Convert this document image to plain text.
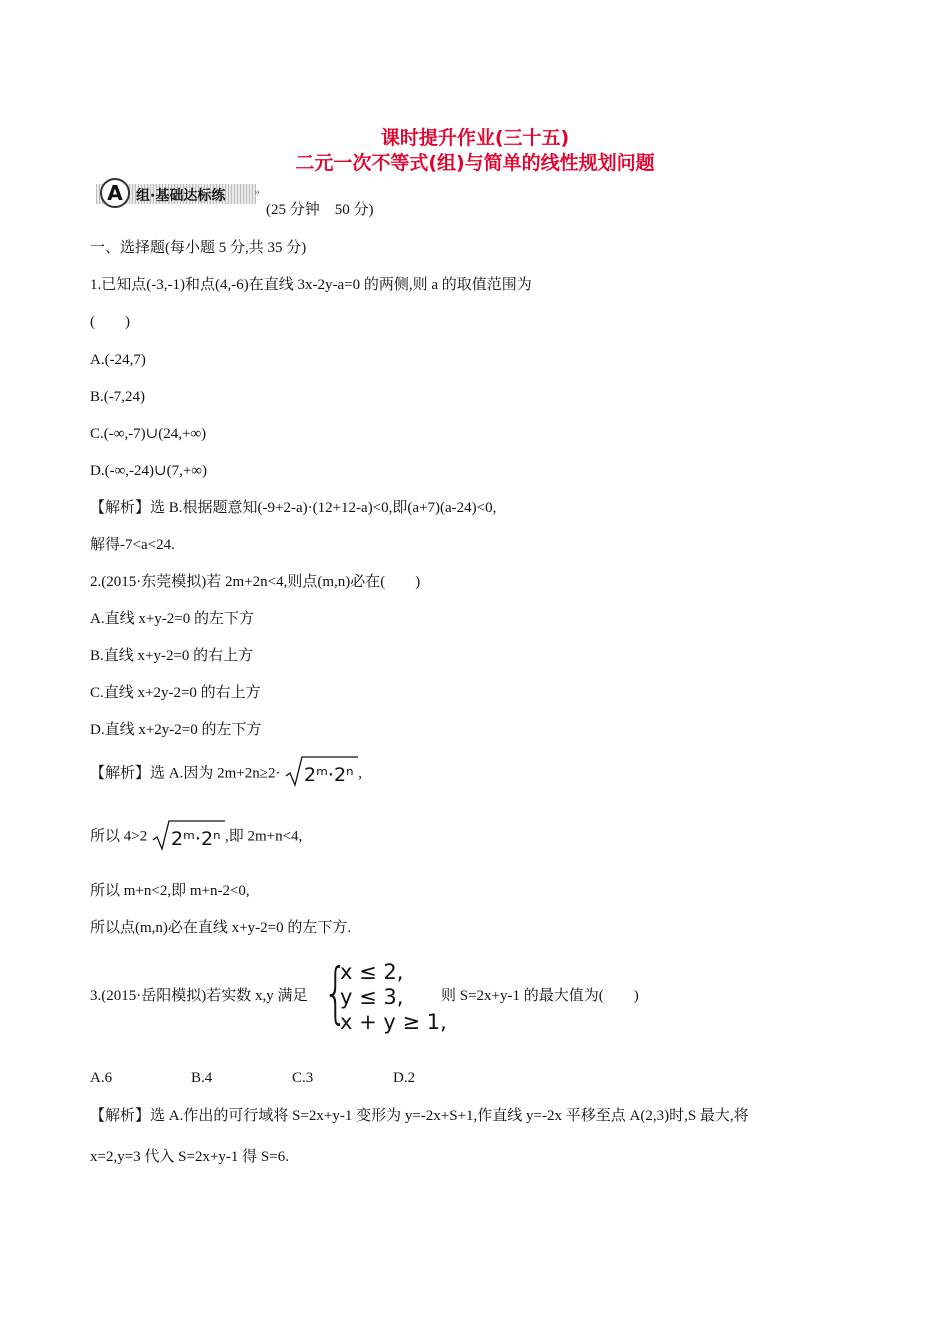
课时提升作业(三十五)
二元一次不等式(组)与简单的线性规划问题
A 组·基础达标练 »
(25 分钟　50 分)
一、选择题(每小题 5 分,共 35 分)
1.已知点(-3,-1)和点(4,-6)在直线 3x-2y-a=0 的两侧,则 a 的取值范围为
(　　)
A.(-24,7)
B.(-7,24)
C.(-∞,-7)∪(24,+∞)
D.(-∞,-24)∪(7,+∞)
【解析】选 B.根据题意知(-9+2-a)·(12+12-a)<0,即(a+7)(a-24)<0,
解得-7<a<24.
2.(2015·东莞模拟)若 2m+2n<4,则点(m,n)必在(　　)
A.直线 x+y-2=0 的左下方
B.直线 x+y-2=0 的右上方
C.直线 x+2y-2=0 的右上方
D.直线 x+2y-2=0 的左下方
【解析】选 A.因为 2m+2n≥2· 2ᵐ·2ⁿ ,
所以 4>2 2ᵐ·2ⁿ ,即 2m+n<4,
所以 m+n<2,即 m+n-2<0,
所以点(m,n)必在直线 x+y-2=0 的左下方.
3.(2015·岳阳模拟)若实数 x,y 满足 {
x ≤ 2,
y ≤ 3,
x + y ≥ 1,
则 S=2x+y-1 的最大值为(　　)
A.6	B.4	C.3	D.2
【解析】选 A.作出的可行域将 S=2x+y-1 变形为 y=-2x+S+1,作直线 y=-2x 平移至点 A(2,3)时,S 最大,将
x=2,y=3 代入 S=2x+y-1 得 S=6.
